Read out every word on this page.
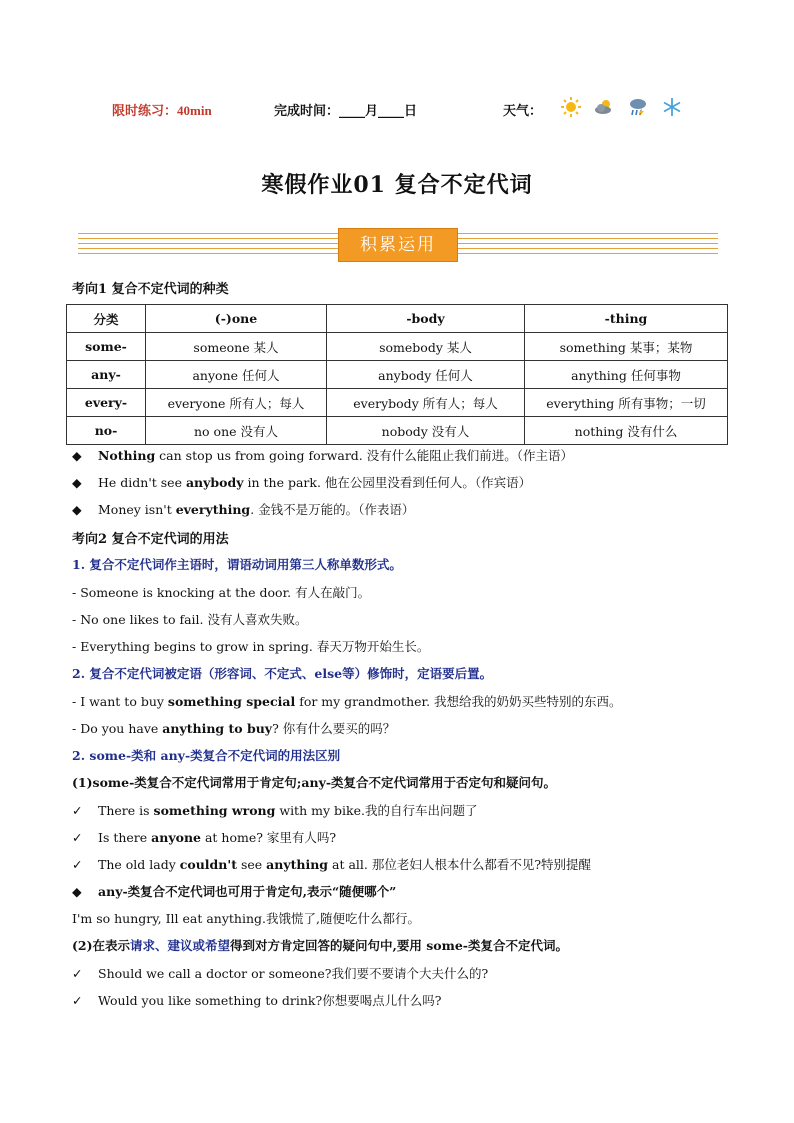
限时练习：40min	完成时间：____月____日	天气：
寒假作业01 复合不定代词
积累运用
考向1 复合不定代词的种类
分类	(-)one	-body	-thing
some-	someone 某人	somebody 某人	something 某事；某物
any-	anyone 任何人	anybody 任何人	anything 任何事物
every-	everyone 所有人；每人	everybody 所有人；每人	everything 所有事物；一切
no-	no one 没有人	nobody 没有人	nothing 没有什么
◆ Nothing can stop us from going forward. 没有什么能阻止我们前进。（作主语）
◆ He didn't see anybody in the park. 他在公园里没看到任何人。（作宾语）
◆ Money isn't everything. 金钱不是万能的。（作表语）
考向2 复合不定代词的用法
1. 复合不定代词作主语时，谓语动词用第三人称单数形式。
- Someone is knocking at the door. 有人在敲门。
- No one likes to fail. 没有人喜欢失败。
- Everything begins to grow in spring. 春天万物开始生长。
2. 复合不定代词被定语（形容词、不定式、else等）修饰时，定语要后置。
- I want to buy something special for my grandmother. 我想给我的奶奶买些特别的东西。
- Do you have anything to buy? 你有什么要买的吗？
2. some-类和 any-类复合不定代词的用法区别
(1)some-类复合不定代词常用于肯定句;any-类复合不定代词常用于否定句和疑问句。
✓ There is something wrong with my bike.我的自行车出问题了
✓ Is there anyone at home? 家里有人吗?
✓ The old lady couldn't see anything at all. 那位老妇人根本什么都看不见?特别提醒
◆ any-类复合不定代词也可用于肯定句,表示“随便哪个”
I'm so hungry, Ill eat anything.我饿慌了,随便吃什么都行。
(2)在表示请求、建议或希望得到对方肯定回答的疑问句中,要用 some-类复合不定代词。
✓ Should we call a doctor or someone?我们要不要请个大夫什么的?
✓ Would you like something to drink?你想要喝点儿什么吗?
